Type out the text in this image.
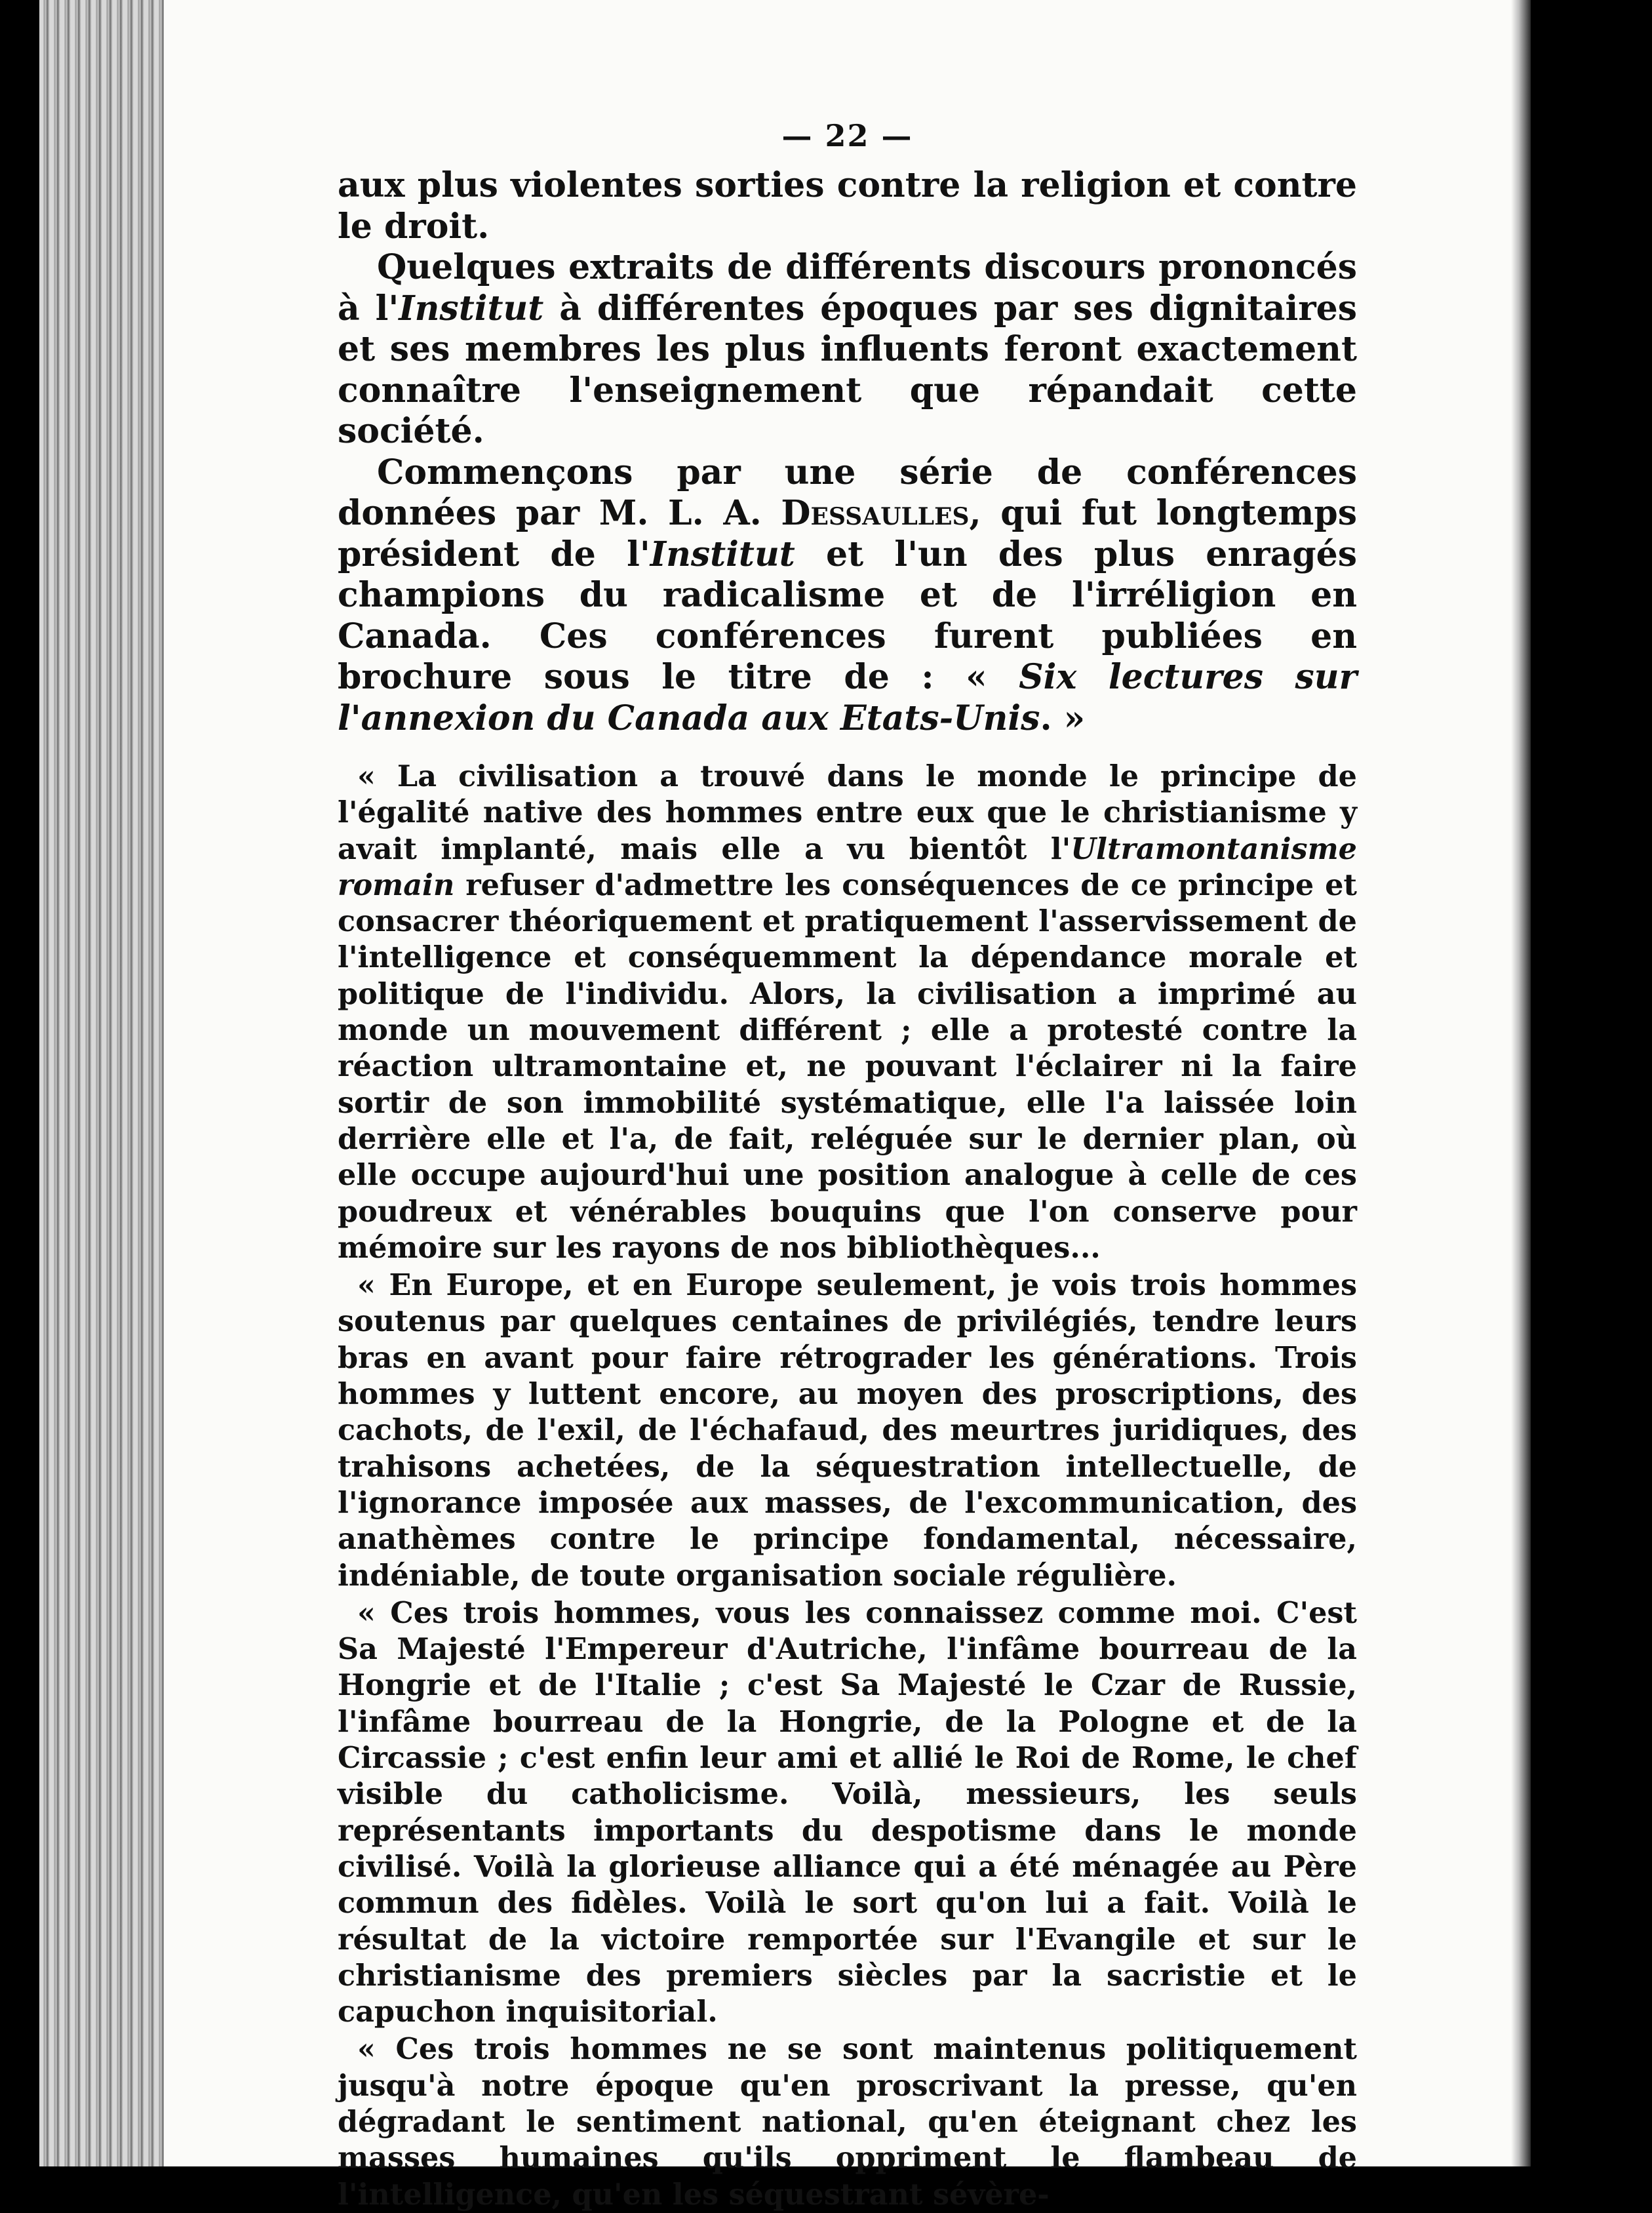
— 22 —

aux plus violentes sorties contre la religion et contre le droit.

Quelques extraits de différents discours prononcés à l'Institut à différentes époques par ses dignitaires et ses membres les plus influents feront exactement connaître l'enseignement que répandait cette société.

Commençons par une série de conférences données par M. L. A. Dessaulles, qui fut longtemps président de l'Institut et l'un des plus enragés champions du radicalisme et de l'irréligion en Canada. Ces conférences furent publiées en brochure sous le titre de : « Six lectures sur l'annexion du Canada aux Etats-Unis. »

« La civilisation a trouvé dans le monde le principe de l'égalité native des hommes entre eux que le christianisme y avait implanté, mais elle a vu bientôt l'Ultramontanisme romain refuser d'admettre les conséquences de ce principe et consacrer théoriquement et pratiquement l'asservissement de l'intelligence et conséquemment la dépendance morale et politique de l'individu. Alors, la civilisation a imprimé au monde un mouvement différent ; elle a protesté contre la réaction ultramontaine et, ne pouvant l'éclairer ni la faire sortir de son immobilité systématique, elle l'a laissée loin derrière elle et l'a, de fait, reléguée sur le dernier plan, où elle occupe aujourd'hui une position analogue à celle de ces poudreux et vénérables bouquins que l'on conserve pour mémoire sur les rayons de nos bibliothèques...

« En Europe, et en Europe seulement, je vois trois hommes soutenus par quelques centaines de privilégiés, tendre leurs bras en avant pour faire rétrograder les générations. Trois hommes y luttent encore, au moyen des proscriptions, des cachots, de l'exil, de l'échafaud, des meurtres juridiques, des trahisons achetées, de la séquestration intellectuelle, de l'ignorance imposée aux masses, de l'excommunication, des anathèmes contre le principe fondamental, nécessaire, indéniable, de toute organisation sociale régulière.

« Ces trois hommes, vous les connaissez comme moi. C'est Sa Majesté l'Empereur d'Autriche, l'infâme bourreau de la Hongrie et de l'Italie ; c'est Sa Majesté le Czar de Russie, l'infâme bourreau de la Hongrie, de la Pologne et de la Circassie ; c'est enfin leur ami et allié le Roi de Rome, le chef visible du catholicisme. Voilà, messieurs, les seuls représentants importants du despotisme dans le monde civilisé. Voilà la glorieuse alliance qui a été ménagée au Père commun des fidèles. Voilà le sort qu'on lui a fait. Voilà le résultat de la victoire remportée sur l'Evangile et sur le christianisme des premiers siècles par la sacristie et le capuchon inquisitorial.

« Ces trois hommes ne se sont maintenus politiquement jusqu'à notre époque qu'en proscrivant la presse, qu'en dégradant le sentiment national, qu'en éteignant chez les masses humaines qu'ils oppriment le flambeau de l'intelligence, qu'en les séquestrant sévère-
